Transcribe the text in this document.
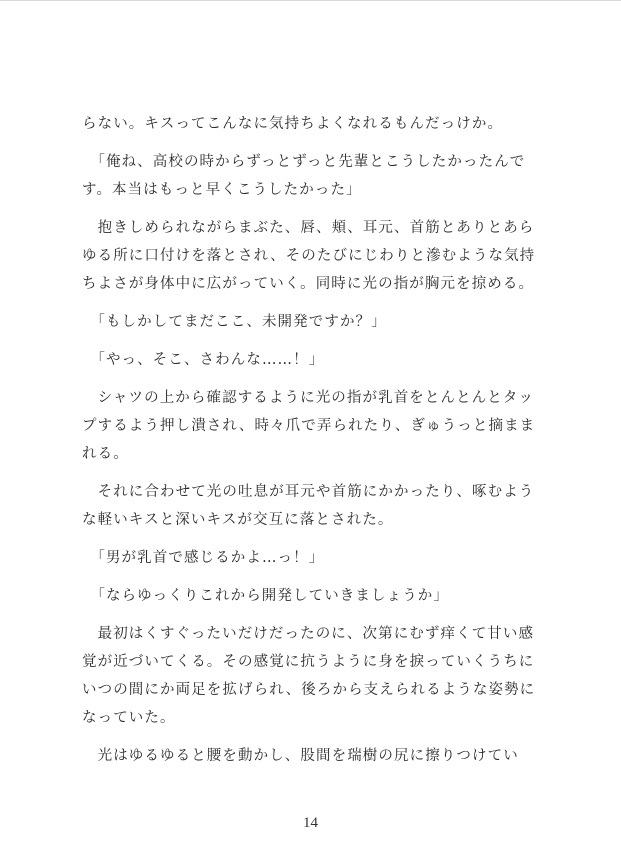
らない。キスってこんなに気持ちよくなれるもんだっけか。

　「俺ね、高校の時からずっとずっと先輩とこうしたかったんで
す。本当はもっと早くこうしたかった」

　抱きしめられながらまぶた、唇、頬、耳元、首筋とありとあら
ゆる所に口付けを落とされ、そのたびにじわりと滲むような気持
ちよさが身体中に広がっていく。同時に光の指が胸元を掠める。

　「もしかしてまだここ、未開発ですか？」

　「やっ、そこ、さわんな……！」

　シャツの上から確認するように光の指が乳首をとんとんとタッ
プするよう押し潰され、時々爪で弄られたり、ぎゅうっと摘まま
れる。

　それに合わせて光の吐息が耳元や首筋にかかったり、啄むよう
な軽いキスと深いキスが交互に落とされた。

　「男が乳首で感じるかよ…っ！」

　「ならゆっくりこれから開発していきましょうか」

　最初はくすぐったいだけだったのに、次第にむず痒くて甘い感
覚が近づいてくる。その感覚に抗うように身を捩っていくうちに
いつの間にか両足を拡げられ、後ろから支えられるような姿勢に
なっていた。

　光はゆるゆると腰を動かし、股間を瑞樹の尻に擦りつけてい

14
